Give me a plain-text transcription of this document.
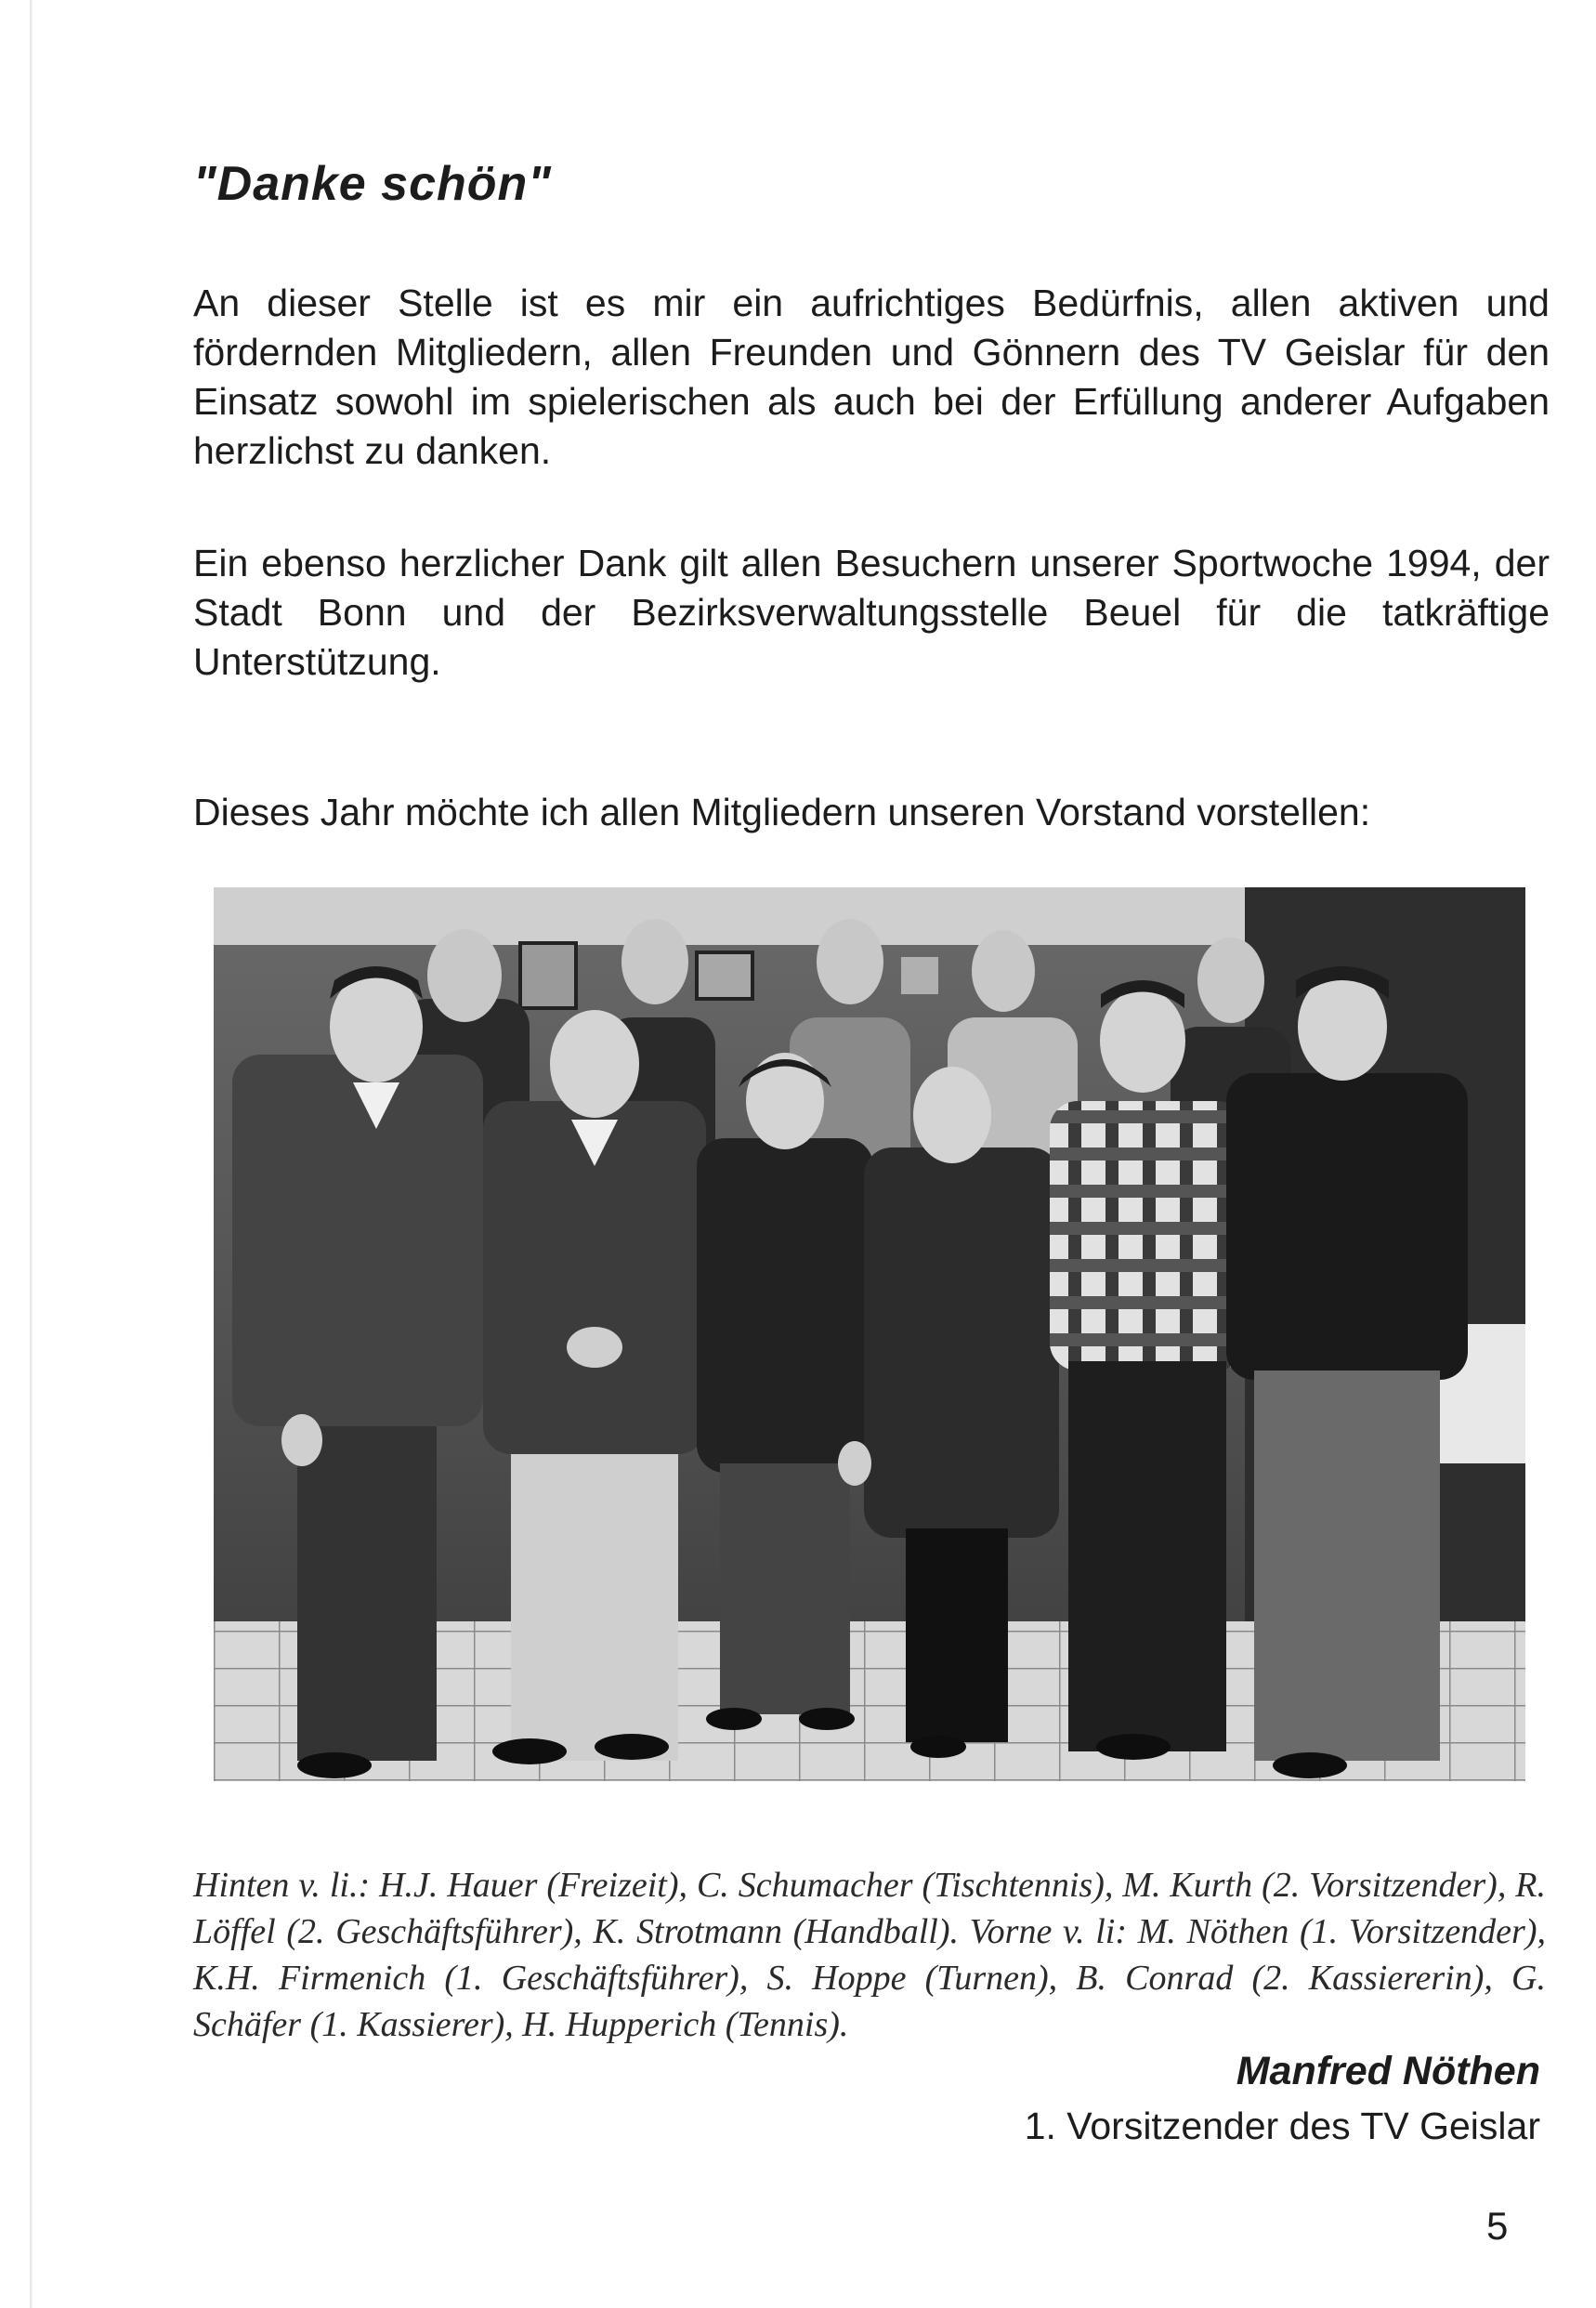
"Danke schön"
An dieser Stelle ist es mir ein aufrichtiges Bedürfnis, allen aktiven und fördernden Mitgliedern, allen Freunden und Gönnern des TV Geislar für den Einsatz sowohl im spielerischen als auch bei der Erfüllung anderer Aufgaben herzlichst zu danken.
Ein ebenso herzlicher Dank gilt allen Besuchern unserer Sportwoche 1994, der Stadt Bonn und der Bezirksverwaltungsstelle Beuel für die tatkräftige Unterstützung.
Dieses Jahr möchte ich allen Mitgliedern unseren Vorstand vorstellen:
Hinten v. li.: H.J. Hauer (Freizeit), C. Schumacher (Tischtennis), M. Kurth (2. Vorsitzender), R. Löffel (2. Geschäftsführer), K. Strotmann (Handball). Vorne v. li: M. Nöthen (1. Vorsitzender), K.H. Firmenich (1. Geschäftsführer), S. Hoppe (Turnen), B. Conrad (2. Kassiererin), G. Schäfer (1. Kassierer), H. Hupperich (Tennis).
Manfred Nöthen
1. Vorsitzender des TV Geislar
5
